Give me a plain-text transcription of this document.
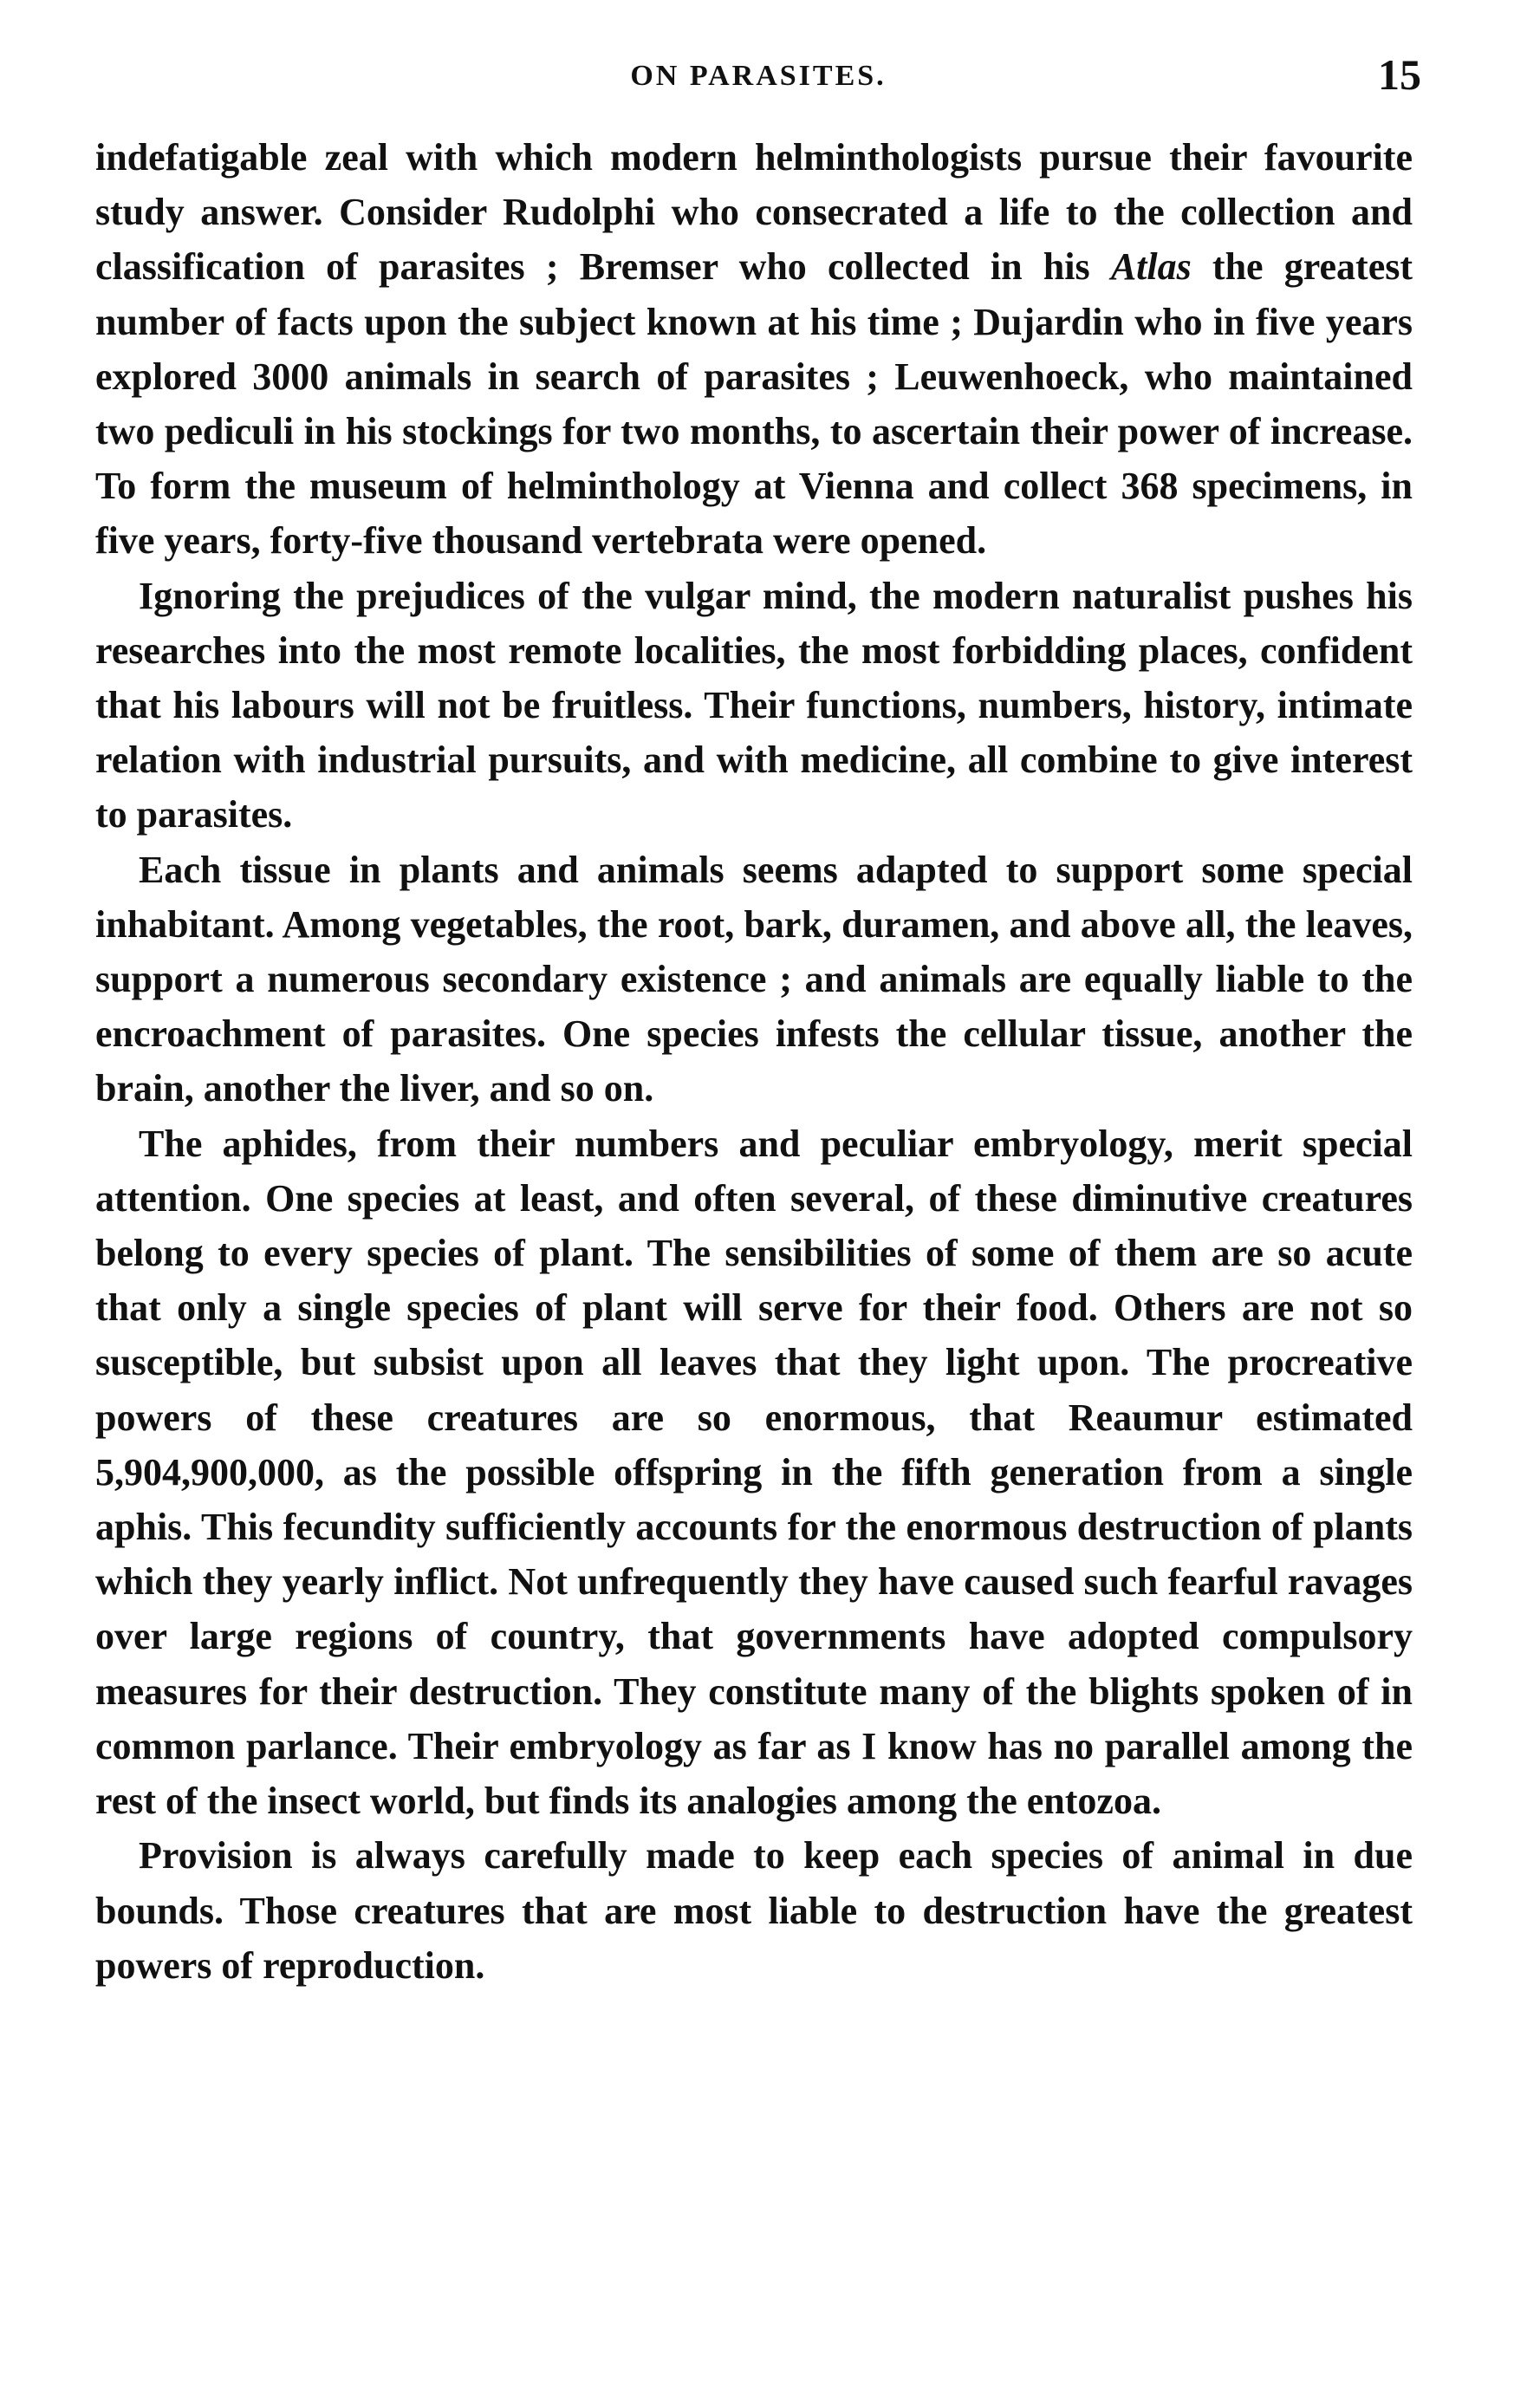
ON PARASITES.	15

indefatigable zeal with which modern helminthologists pursue their favourite study answer. Consider Rudolphi who consecrated a life to the collection and classification of parasites ; Bremser who collected in his Atlas the greatest number of facts upon the subject known at his time ; Dujardin who in five years explored 3000 animals in search of parasites ; Leuwenhoeck, who maintained two pediculi in his stockings for two months, to ascertain their power of increase. To form the museum of helminthology at Vienna and collect 368 specimens, in five years, forty-five thousand vertebrata were opened.

Ignoring the prejudices of the vulgar mind, the modern naturalist pushes his researches into the most remote localities, the most forbidding places, confident that his labours will not be fruitless. Their functions, numbers, history, intimate relation with industrial pursuits, and with medicine, all combine to give interest to parasites.

Each tissue in plants and animals seems adapted to support some special inhabitant. Among vegetables, the root, bark, duramen, and above all, the leaves, support a numerous secondary existence ; and animals are equally liable to the encroachment of parasites. One species infests the cellular tissue, another the brain, another the liver, and so on.

The aphides, from their numbers and peculiar embryology, merit special attention. One species at least, and often several, of these diminutive creatures belong to every species of plant. The sensibilities of some of them are so acute that only a single species of plant will serve for their food. Others are not so susceptible, but subsist upon all leaves that they light upon. The procreative powers of these creatures are so enormous, that Reaumur estimated 5,904,900,000, as the possible offspring in the fifth generation from a single aphis. This fecundity sufficiently accounts for the enormous destruction of plants which they yearly inflict. Not unfrequently they have caused such fearful ravages over large regions of country, that governments have adopted compulsory measures for their destruction. They constitute many of the blights spoken of in common parlance. Their embryology as far as I know has no parallel among the rest of the insect world, but finds its analogies among the entozoa.

Provision is always carefully made to keep each species of animal in due bounds. Those creatures that are most liable to destruction have the greatest powers of reproduction.
